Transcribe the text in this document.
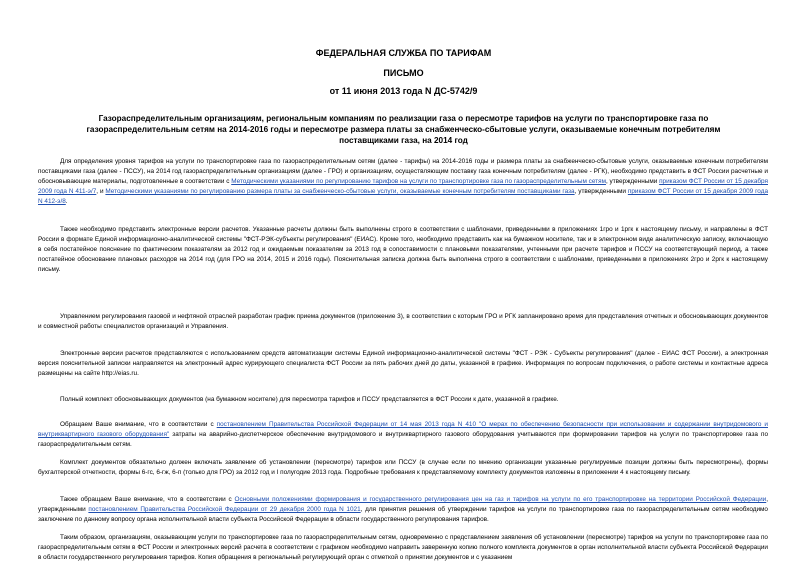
ФЕДЕРАЛЬНАЯ СЛУЖБА ПО ТАРИФАМ
ПИСЬМО
от 11 июня 2013 года N ДС-5742/9
Газораспределительным организациям, региональным компаниям по реализации газа о пересмотре тарифов на услуги по транспортировке газа по газораспределительным сетям на 2014-2016 годы и пересмотре размера платы за снабженческо-сбытовые услуги, оказываемые конечным потребителям поставщиками газа, на 2014 год

Для определения уровня тарифов на услуги по транспортировке газа по газораспределительным сетям (далее - тарифы) на 2014-2016 годы и размера платы за снабженческо-сбытовые услуги, оказываемые конечным потребителям поставщиками газа (далее - ПССУ), на 2014 год газораспределительным организациям (далее - ГРО) и организациям, осуществляющим поставку газа конечным потребителям (далее - РГК), необходимо представить в ФСТ России расчетные и обосновывающие материалы, подготовленные в соответствии с Методическими указаниями по регулированию тарифов на услуги по транспортировке газа по газораспределительным сетям, утвержденными приказом ФСТ России от 15 декабря 2009 года N 411-э/7, и Методическими указаниями по регулированию размера платы за снабженческо-сбытовые услуги, оказываемые конечным потребителям поставщиками газа, утвержденными приказом ФСТ России от 15 декабря 2009 года N 412-э/8.

Также необходимо представить электронные версии расчетов. Указанные расчеты должны быть выполнены строго в соответствии с шаблонами, приведенными в приложениях 1гро и 1ргк к настоящему письму, и направлены в ФСТ России в формате Единой информационно-аналитической системы "ФСТ-РЭК-субъекты регулирования" (ЕИАС). Кроме того, необходимо представить как на бумажном носителе, так и в электронном виде аналитическую записку, включающую в себя постатейное пояснение по фактическим показателям за 2012 год и ожидаемым показателям за 2013 год в сопоставимости с плановыми показателями, учтенными при расчете тарифов и ПССУ на соответствующий период, а также постатейное обоснование плановых расходов на 2014 год (для ГРО на 2014, 2015 и 2016 годы). Пояснительная записка должна быть выполнена строго в соответствии с шаблонами, приведенными в приложениях 2гро и 2ргк к настоящему письму.

Управлением регулирования газовой и нефтяной отраслей разработан график приема документов (приложение 3), в соответствии с которым ГРО и РГК запланировано время для представления отчетных и обосновывающих документов и совместной работы специалистов организаций и Управления.

Электронные версии расчетов представляются с использованием средств автоматизации системы Единой информационно-аналитической системы "ФСТ - РЭК - Субъекты регулирования" (далее - ЕИАС ФСТ России), а электронная версия пояснительной записки направляется на электронный адрес курирующего специалиста ФСТ России за пять рабочих дней до даты, указанной в графике. Информация по вопросам подключения, о работе системы и контактные адреса размещены на сайте http://eias.ru.

Полный комплект обосновывающих документов (на бумажном носителе) для пересмотра тарифов и ПССУ представляется в ФСТ России к дате, указанной в графике.

Обращаем Ваше внимание, что в соответствии с постановлением Правительства Российской Федерации от 14 мая 2013 года N 410 "О мерах по обеспечению безопасности при использовании и содержании внутридомового и внутриквартирного газового оборудования" затраты на аварийно-диспетчерское обеспечение внутридомового и внутриквартирного газового оборудования учитываются при формировании тарифов на услуги по транспортировке газа по газораспределительным сетям.

Комплект документов обязательно должен включать заявление об установлении (пересмотре) тарифов или ПССУ (в случае если по мнению организации указанные регулируемые позиции должны быть пересмотрены), формы бухгалтерской отчетности, формы 6-гс, 6-гж, 6-п (только для ГРО) за 2012 год и I полугодие 2013 года. Подробные требования к представляемому комплекту документов изложены в приложении 4 к настоящему письму.

Также обращаем Ваше внимание, что в соответствии с Основными положениями формирования и государственного регулирования цен на газ и тарифов на услуги по его транспортировке на территории Российской Федерации, утвержденными постановлением Правительства Российской Федерации от 29 декабря 2000 года N 1021, для принятия решения об утверждении тарифов на услуги по транспортировке газа по газораспределительным сетям необходимо заключение по данному вопросу органа исполнительной власти субъекта Российской Федерации в области государственного регулирования тарифов.

Таким образом, организациям, оказывающим услуги по транспортировке газа по газораспределительным сетям, одновременно с представлением заявления об установлении (пересмотре) тарифов на услуги по транспортировке газа по газораспределительным сетям в ФСТ России и электронных версий расчета в соответствии с графиком необходимо направить заверенную копию полного комплекта документов в орган исполнительной власти субъекта Российской Федерации в области государственного регулирования тарифов. Копия обращения в региональный регулирующий орган с отметкой о принятии документов и с указанием
